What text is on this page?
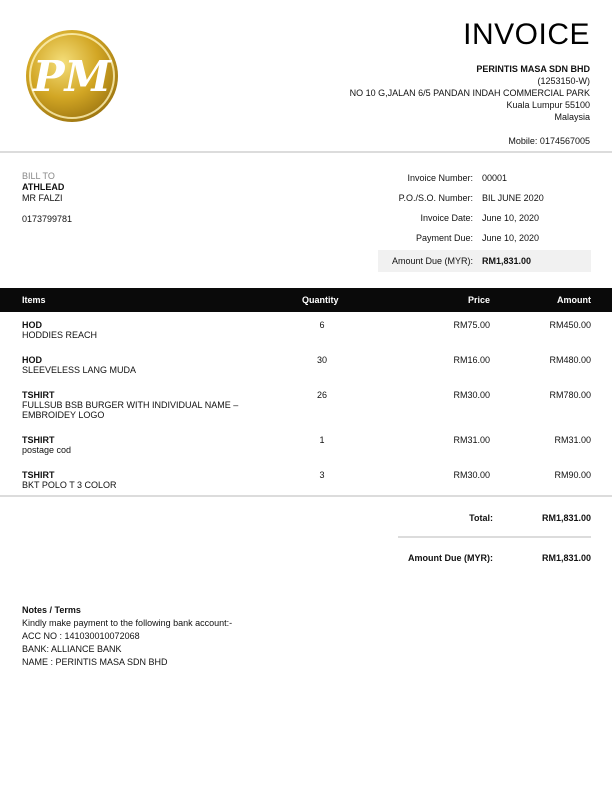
PM
INVOICE
PERINTIS MASA SDN BHD
(1253150-W)
NO 10 G,JALAN 6/5 PANDAN INDAH COMMERCIAL PARK
Kuala Lumpur 55100
Malaysia
Mobile: 0174567005
BILL TO
ATHLEAD
MR FALZI
0173799781
Invoice Number:	00001
P.O./S.O. Number:	BIL JUNE 2020
Invoice Date:	June 10, 2020
Payment Due:	June 10, 2020
Amount Due (MYR):	RM1,831.00
Items	Quantity	Price	Amount
HOD
HODDIES REACH
6	RM75.00	RM450.00
HOD
SLEEVELESS LANG MUDA
30	RM16.00	RM480.00
TSHIRT
FULLSUB BSB BURGER WITH INDIVIDUAL NAME – EMBROIDEY LOGO
26	RM30.00	RM780.00
TSHIRT
postage cod
1	RM31.00	RM31.00
TSHIRT
BKT POLO T 3 COLOR
3	RM30.00	RM90.00
Total:	RM1,831.00
Amount Due (MYR):	RM1,831.00
Notes / Terms
Kindly make payment to the following bank account:-
ACC NO : 141030010072068
BANK: ALLIANCE BANK
NAME : PERINTIS MASA SDN BHD
